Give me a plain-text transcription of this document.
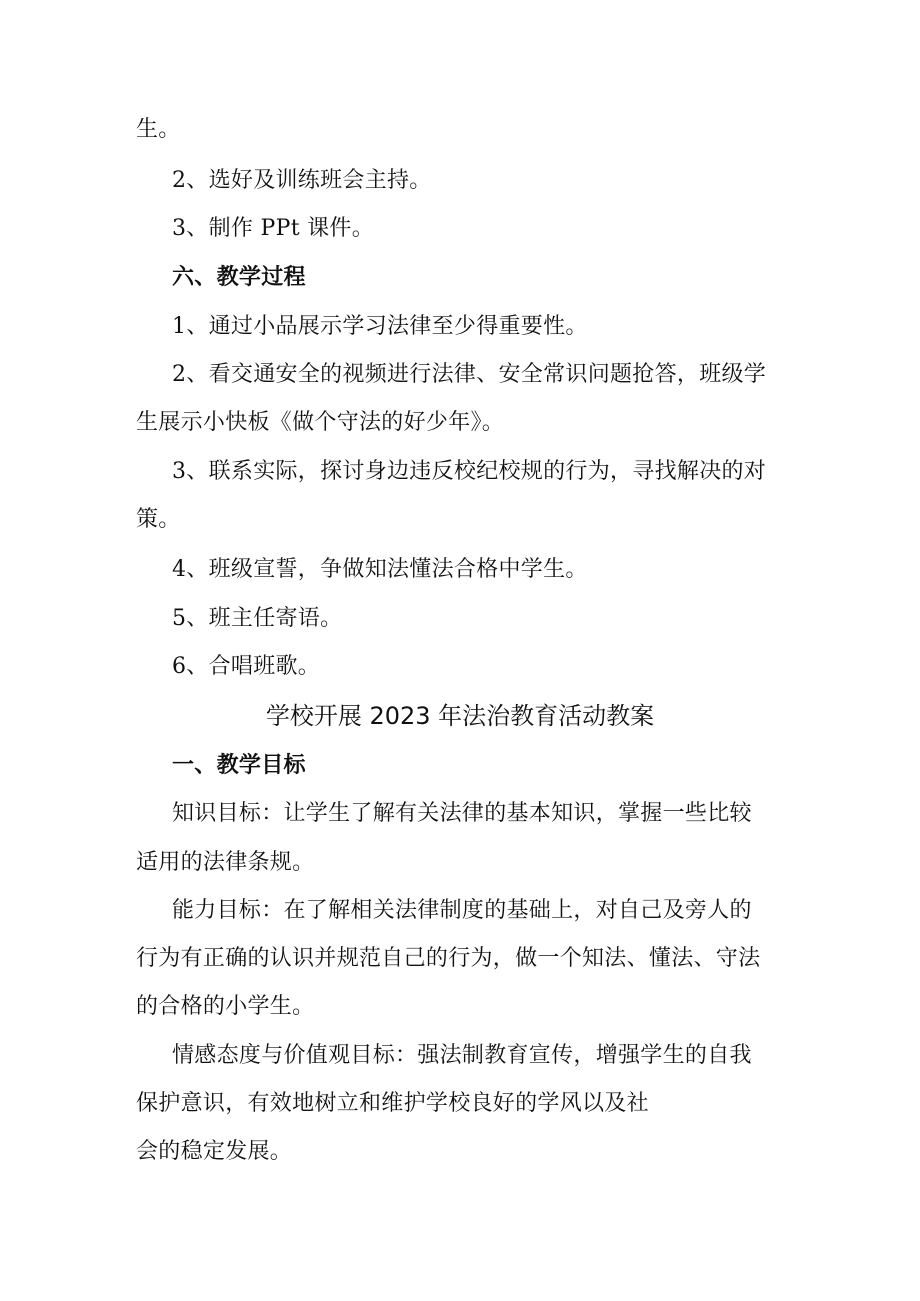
生。
2、选好及训练班会主持。
3、制作 PPt 课件。
六、教学过程
1、通过小品展示学习法律至少得重要性。
2、看交通安全的视频进行法律、安全常识问题抢答，班级学
生展示小快板《做个守法的好少年》。
3、联系实际，探讨身边违反校纪校规的行为，寻找解决的对
策。
4、班级宣誓，争做知法懂法合格中学生。
5、班主任寄语。
6、合唱班歌。
学校开展 2023 年法治教育活动教案
一、教学目标
知识目标：让学生了解有关法律的基本知识，掌握一些比较
适用的法律条规。
能力目标：在了解相关法律制度的基础上，对自己及旁人的
行为有正确的认识并规范自己的行为，做一个知法、懂法、守法
的合格的小学生。
情感态度与价值观目标：强法制教育宣传，增强学生的自我
保护意识，有效地树立和维护学校良好的学风以及社
会的稳定发展。
